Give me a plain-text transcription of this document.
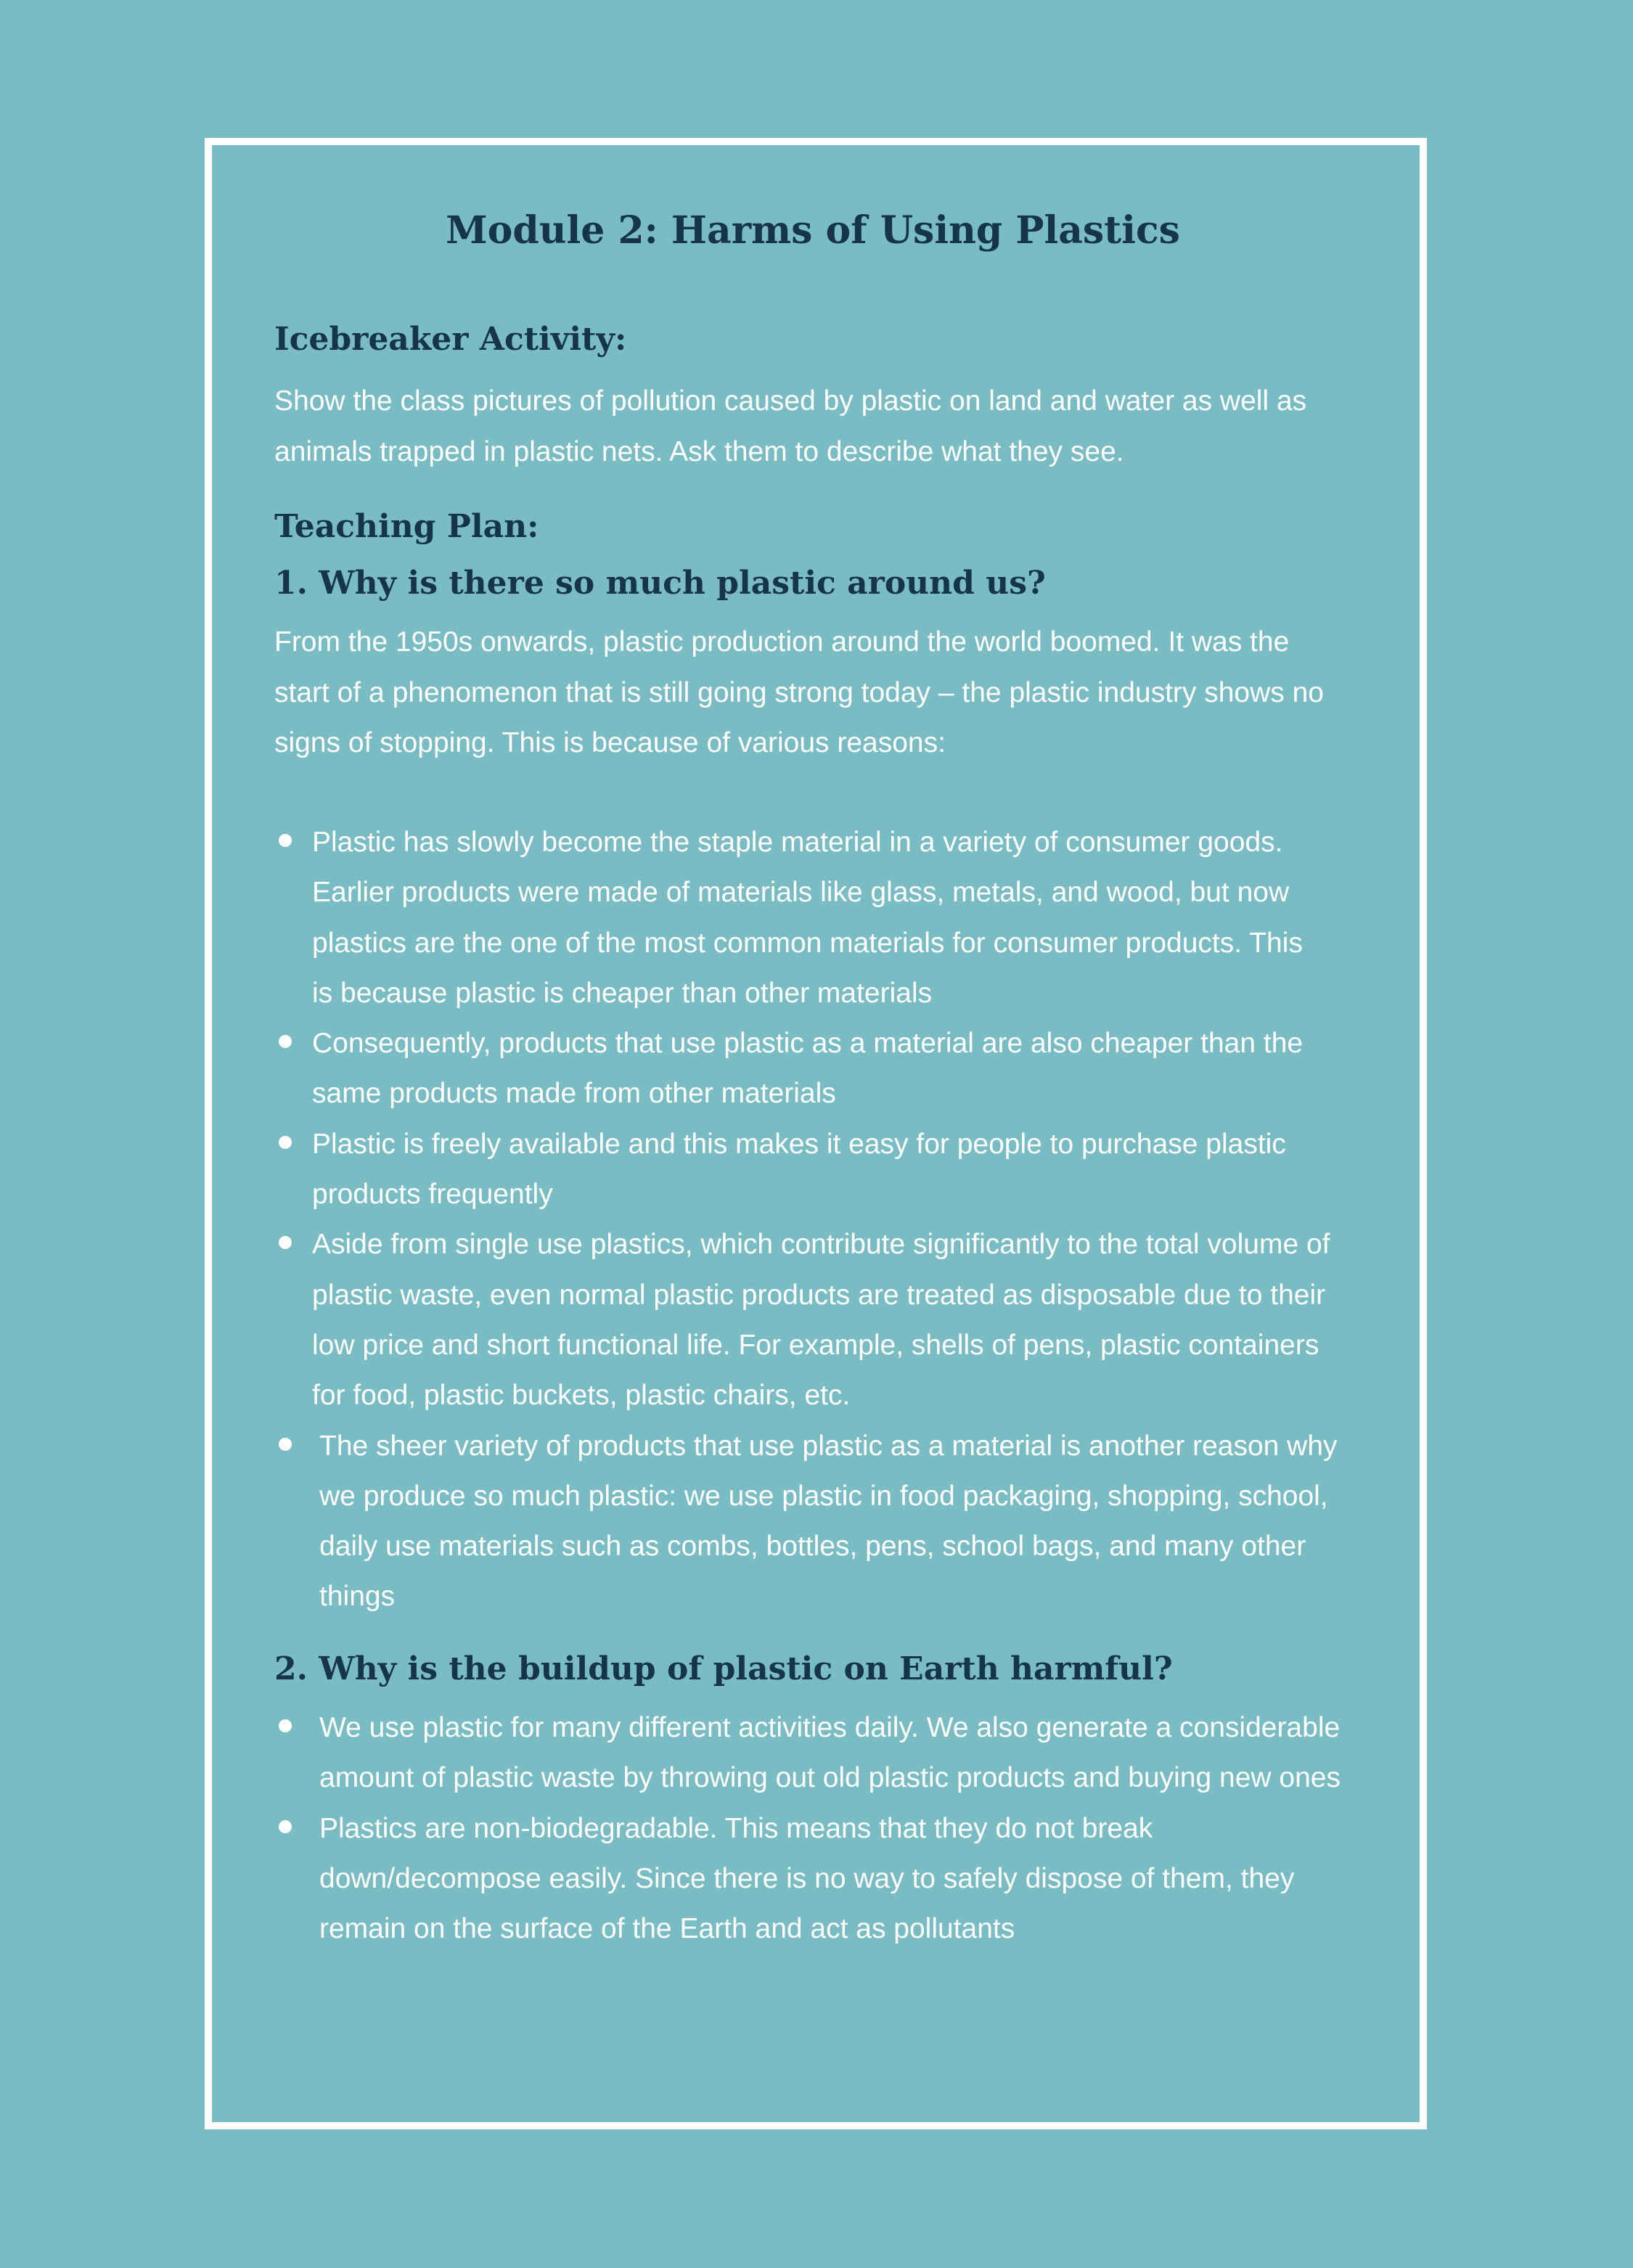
Module 2: Harms of Using Plastics
Icebreaker Activity:

Show the class pictures of pollution caused by plastic on land and water as well as animals trapped in plastic nets. Ask them to describe what they see.

Teaching Plan:
1. Why is there so much plastic around us?

From the 1950s onwards, plastic production around the world boomed. It was the start of a phenomenon that is still going strong today – the plastic industry shows no signs of stopping. This is because of various reasons:

Plastic has slowly become the staple material in a variety of consumer goods. Earlier products were made of materials like glass, metals, and wood, but now plastics are the one of the most common materials for consumer products. This is because plastic is cheaper than other materials
Consequently, products that use plastic as a material are also cheaper than the same products made from other materials
Plastic is freely available and this makes it easy for people to purchase plastic products frequently
Aside from single use plastics, which contribute significantly to the total volume of plastic waste, even normal plastic products are treated as disposable due to their low price and short functional life. For example, shells of pens, plastic containers for food, plastic buckets, plastic chairs, etc.
The sheer variety of products that use plastic as a material is another reason why we produce so much plastic: we use plastic in food packaging, shopping, school, daily use materials such as combs, bottles, pens, school bags, and many other things
2. Why is the buildup of plastic on Earth harmful?
We use plastic for many different activities daily. We also generate a considerable amount of plastic waste by throwing out old plastic products and buying new ones
Plastics are non-biodegradable. This means that they do not break down/decompose easily. Since there is no way to safely dispose of them, they remain on the surface of the Earth and act as pollutants
